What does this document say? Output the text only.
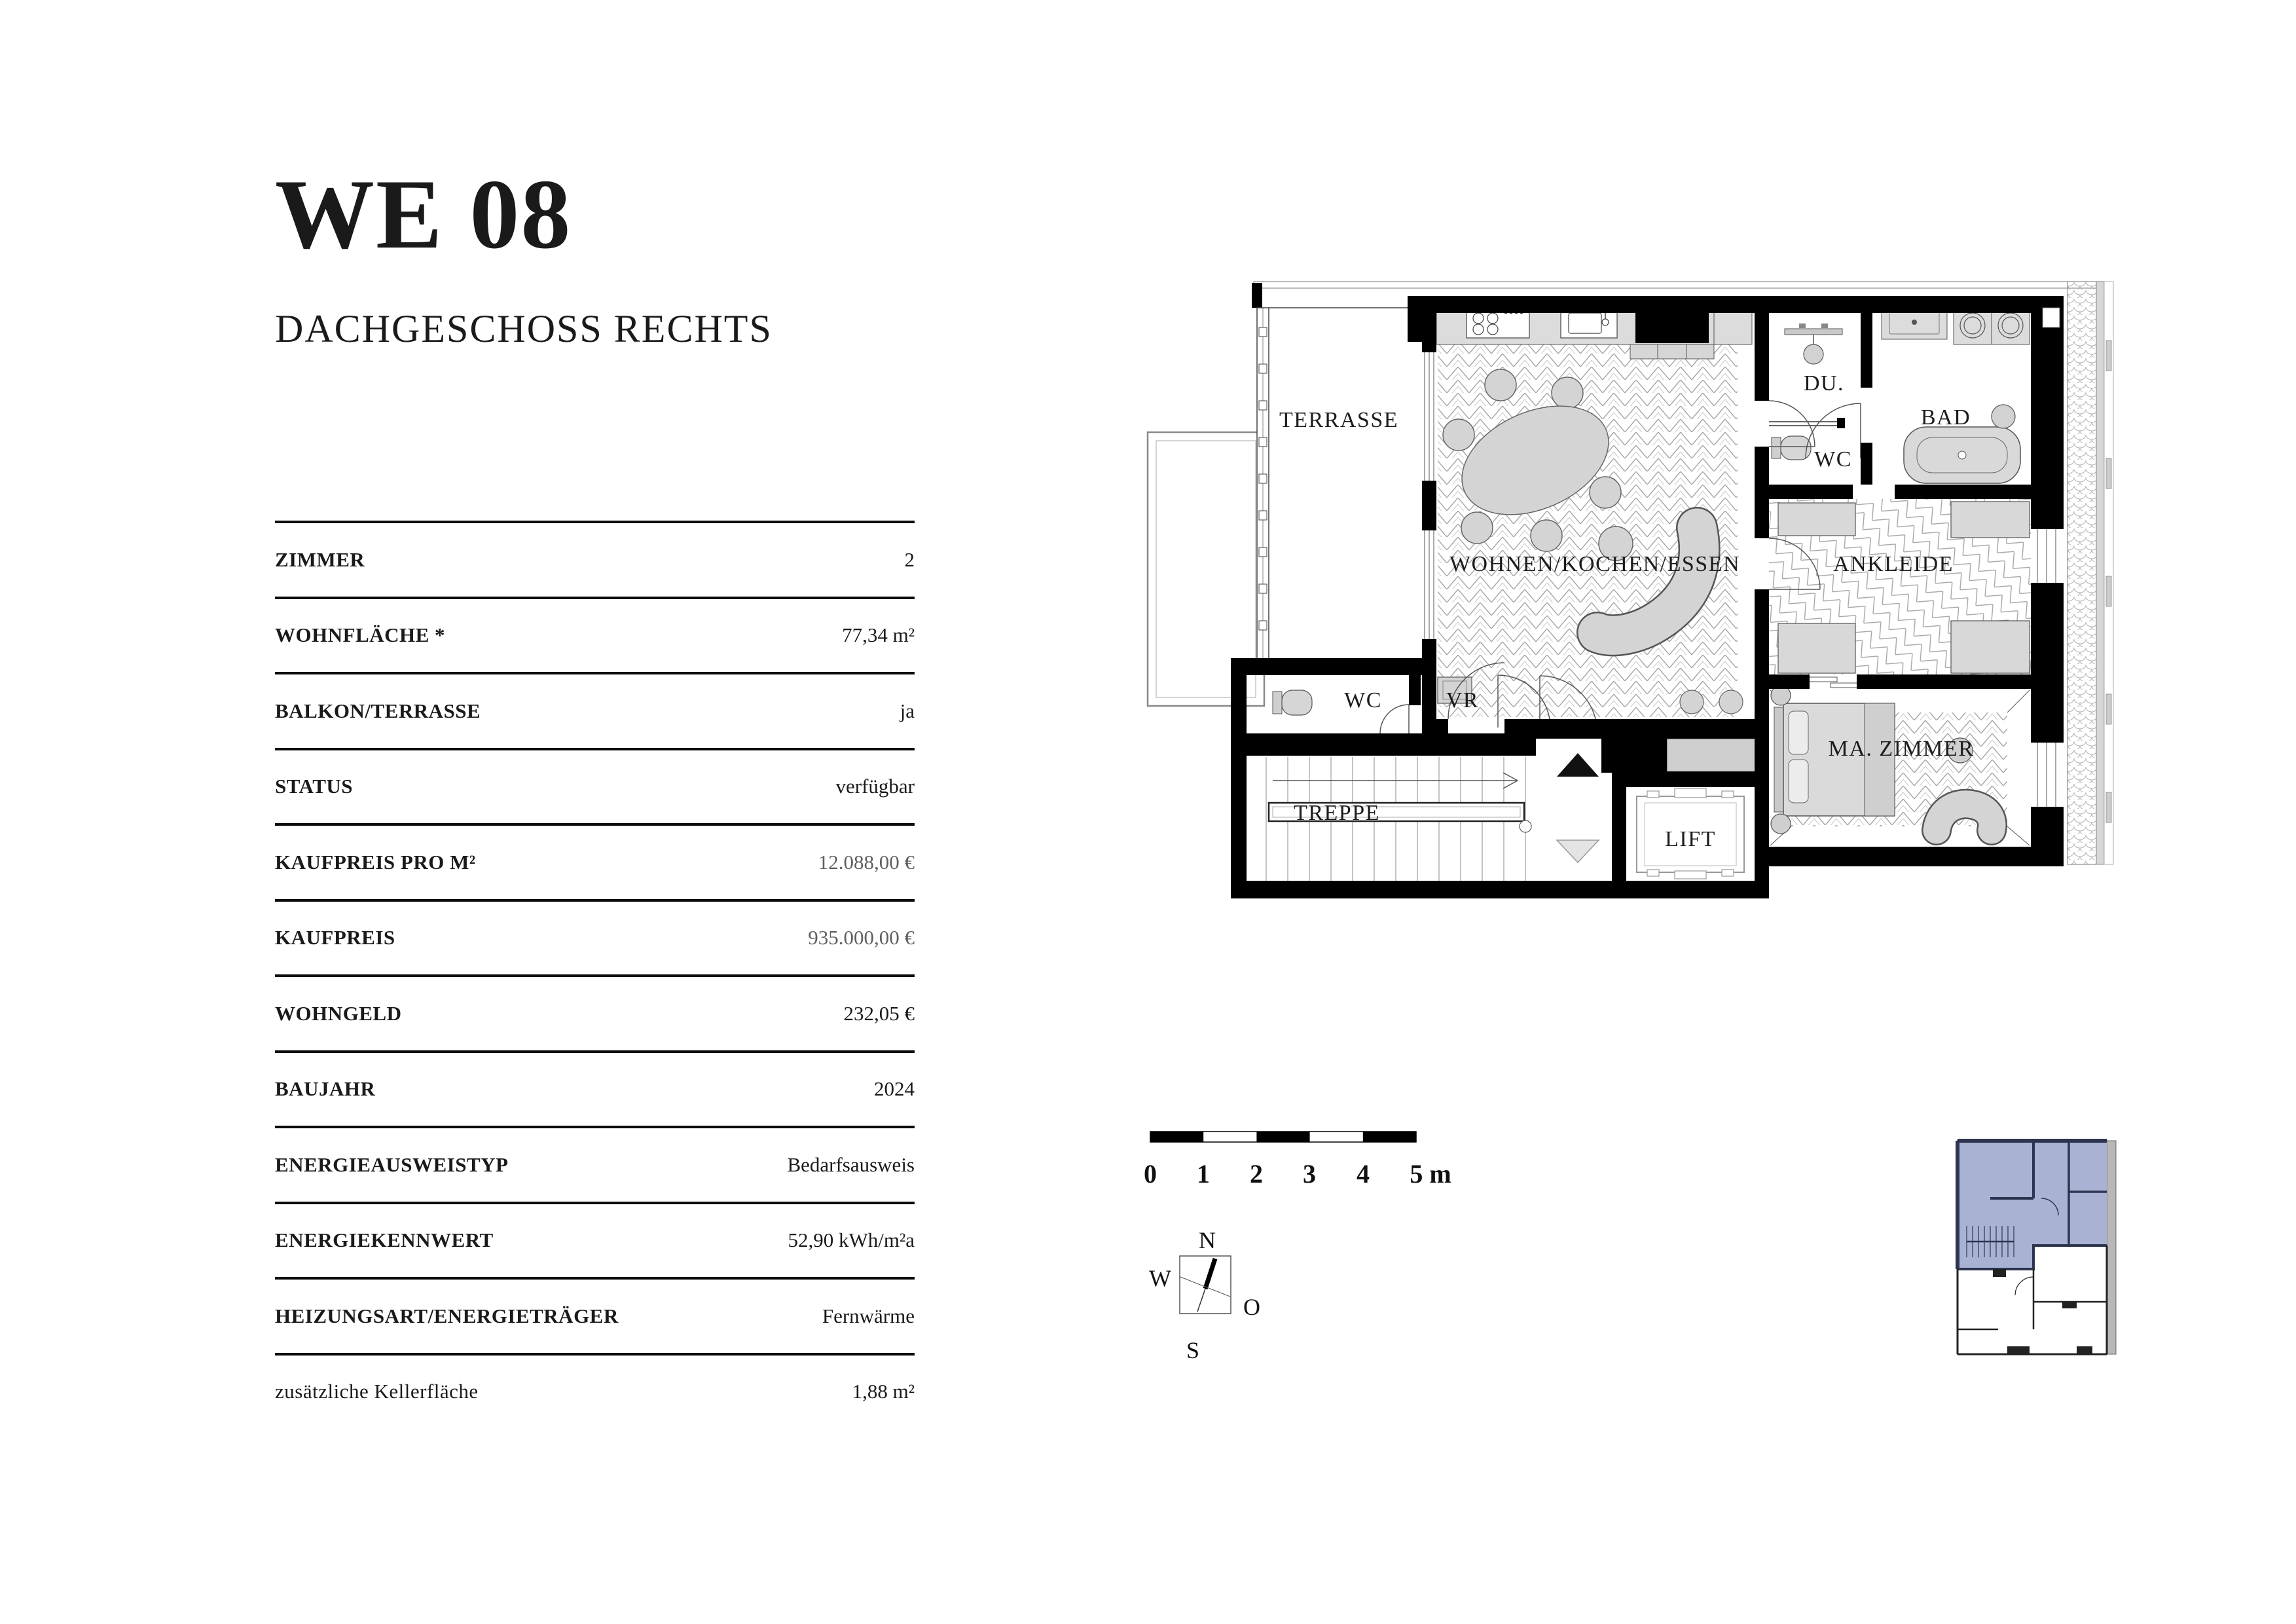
WE 08
DACHGESCHOSS RECHTS
ZIMMER	2
WOHNFLÄCHE *	77,34 m²
BALKON/TERRASSE	ja
STATUS	verfügbar
KAUFPREIS PRO M²	12.088,00 €
KAUFPREIS	935.000,00 €
WOHNGELD	232,05 €
BAUJAHR	2024
ENERGIEAUSWEISTYP	Bedarfsausweis
ENERGIEKENNWERT	52,90 kWh/m²a
HEIZUNGSART/ENERGIETRÄGER	Fernwärme
zusätzliche Kellerfläche	1,88 m²
TERRASSE
WOHNEN/KOCHEN/ESSEN
DU.
WC
BAD
ANKLEIDE
WC	VR
TREPPE
LIFT
MA. ZIMMER
0 1 2 3 4 5 m
N
W
O
S
